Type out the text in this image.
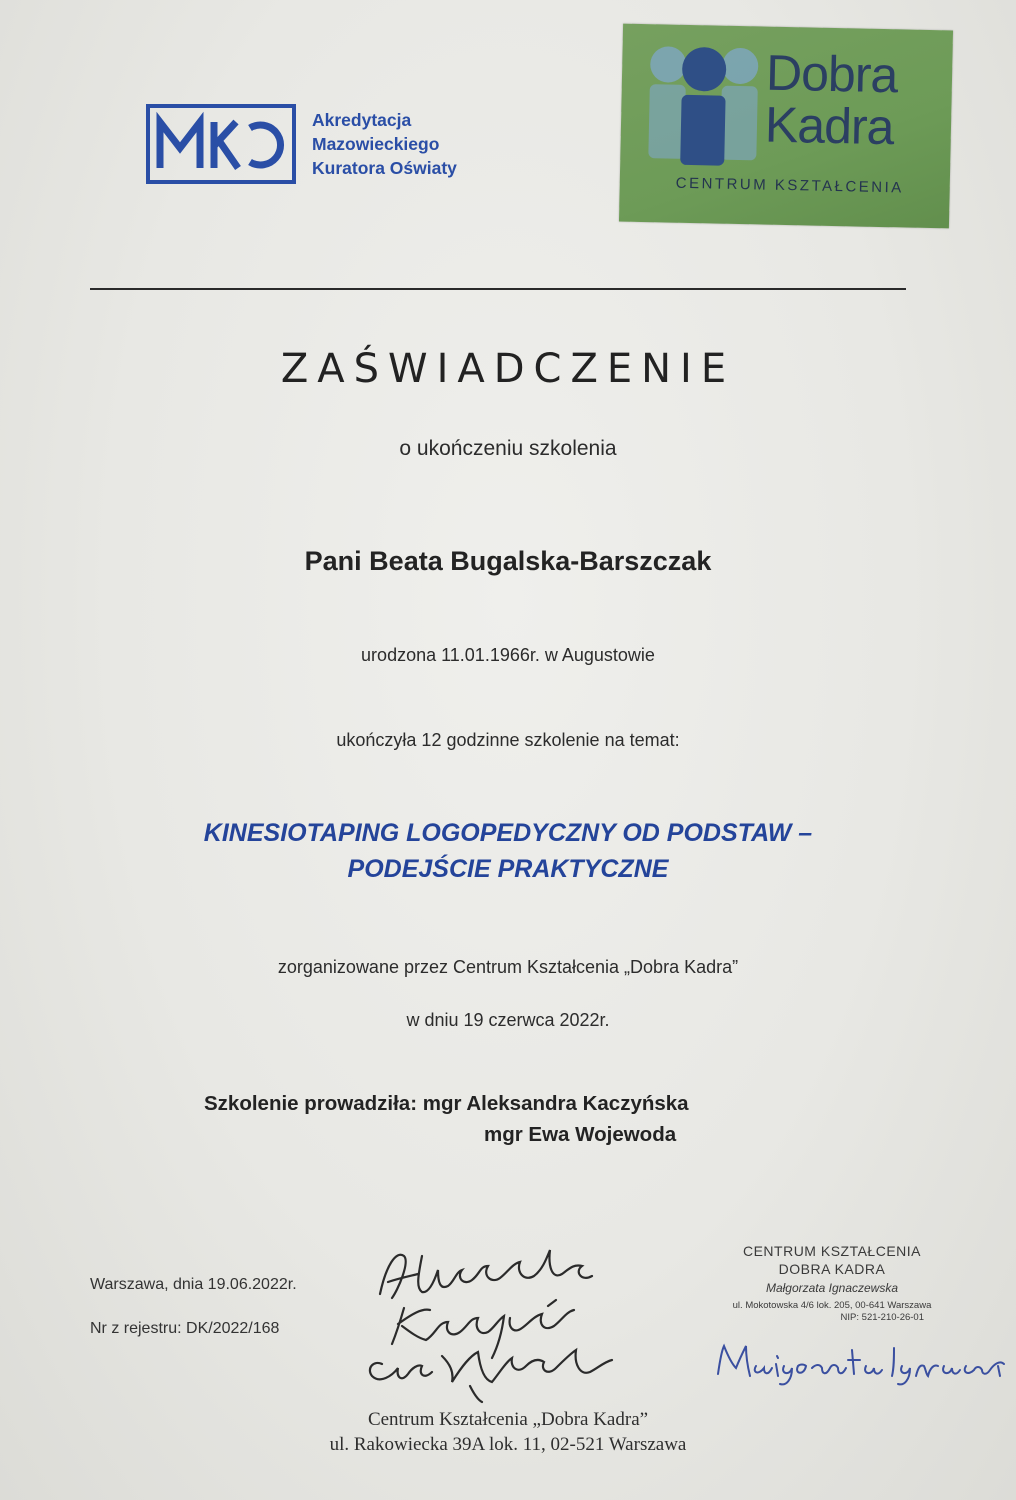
Akredytacja
Mazowieckiego
Kuratora Oświaty
Dobra
Kadra
CENTRUM KSZTAŁCENIA
ZAŚWIADCZENIE
o ukończeniu szkolenia
Pani Beata Bugalska-Barszczak
urodzona 11.01.1966r. w Augustowie
ukończyła 12 godzinne szkolenie na temat:
KINESIOTAPING LOGOPEDYCZNY OD PODSTAW –
PODEJŚCIE PRAKTYCZNE
zorganizowane przez Centrum Kształcenia „Dobra Kadra”
w dniu 19 czerwca 2022r.
Szkolenie prowadziła: mgr Aleksandra Kaczyńska
mgr Ewa Wojewoda
Warszawa, dnia 19.06.2022r.
Nr z rejestru: DK/2022/168
CENTRUM KSZTAŁCENIA
DOBRA KADRA
Małgorzata Ignaczewska
ul. Mokotowska 4/6 lok. 205, 00-641 Warszawa
NIP: 521-210-26-01
Centrum Kształcenia „Dobra Kadra”
ul. Rakowiecka 39A lok. 11, 02-521 Warszawa
